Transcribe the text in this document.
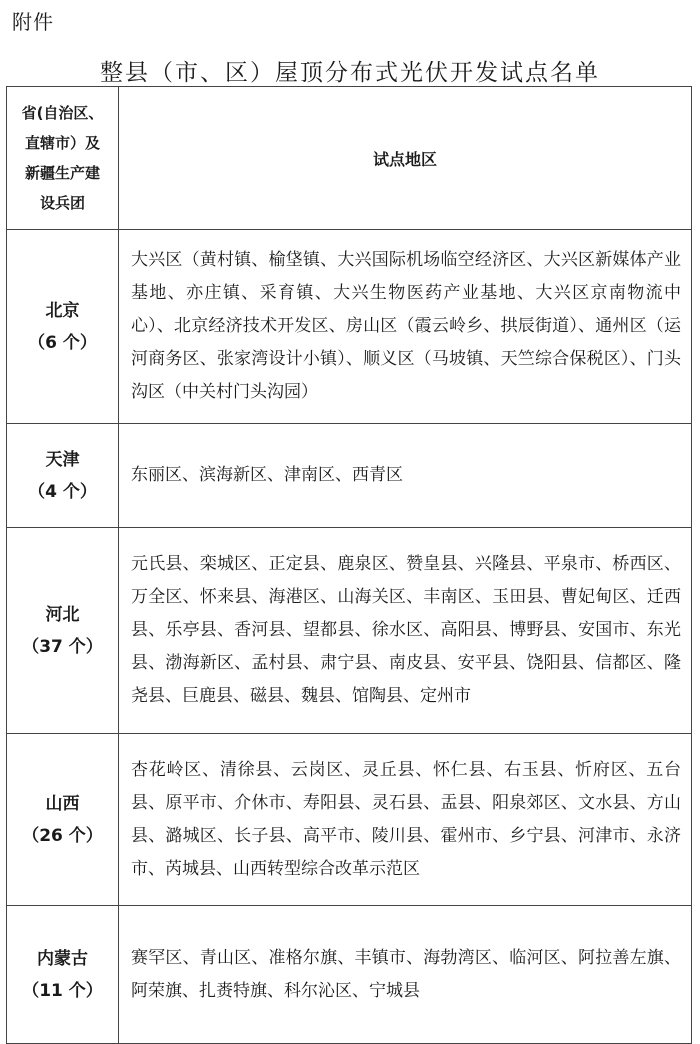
附件
整县（市、区）屋顶分布式光伏开发试点名单
省(自治区、
直辖市）及
新疆生产建
设兵团	试点地区

北京
（6 个）	大兴区（黄村镇、榆垡镇、大兴国际机场临空经济区、大兴区新媒体产业基地、亦庄镇、采育镇、大兴生物医药产业基地、大兴区京南物流中心）、北京经济技术开发区、房山区（霞云岭乡、拱辰街道）、通州区（运河商务区、张家湾设计小镇）、顺义区（马坡镇、天竺综合保税区）、门头沟区（中关村门头沟园）

天津
（4 个）	东丽区、滨海新区、津南区、西青区

河北
（37 个）	元氏县、栾城区、正定县、鹿泉区、赞皇县、兴隆县、平泉市、桥西区、万全区、怀来县、海港区、山海关区、丰南区、玉田县、曹妃甸区、迁西县、乐亭县、香河县、望都县、徐水区、高阳县、博野县、安国市、东光县、渤海新区、孟村县、肃宁县、南皮县、安平县、饶阳县、信都区、隆尧县、巨鹿县、磁县、魏县、馆陶县、定州市

山西
（26 个）	杏花岭区、清徐县、云岗区、灵丘县、怀仁县、右玉县、忻府区、五台县、原平市、介休市、寿阳县、灵石县、盂县、阳泉郊区、文水县、方山县、潞城区、长子县、高平市、陵川县、霍州市、乡宁县、河津市、永济市、芮城县、山西转型综合改革示范区

内蒙古
（11 个）	赛罕区、青山区、准格尔旗、丰镇市、海勃湾区、临河区、阿拉善左旗、阿荣旗、扎赉特旗、科尔沁区、宁城县
